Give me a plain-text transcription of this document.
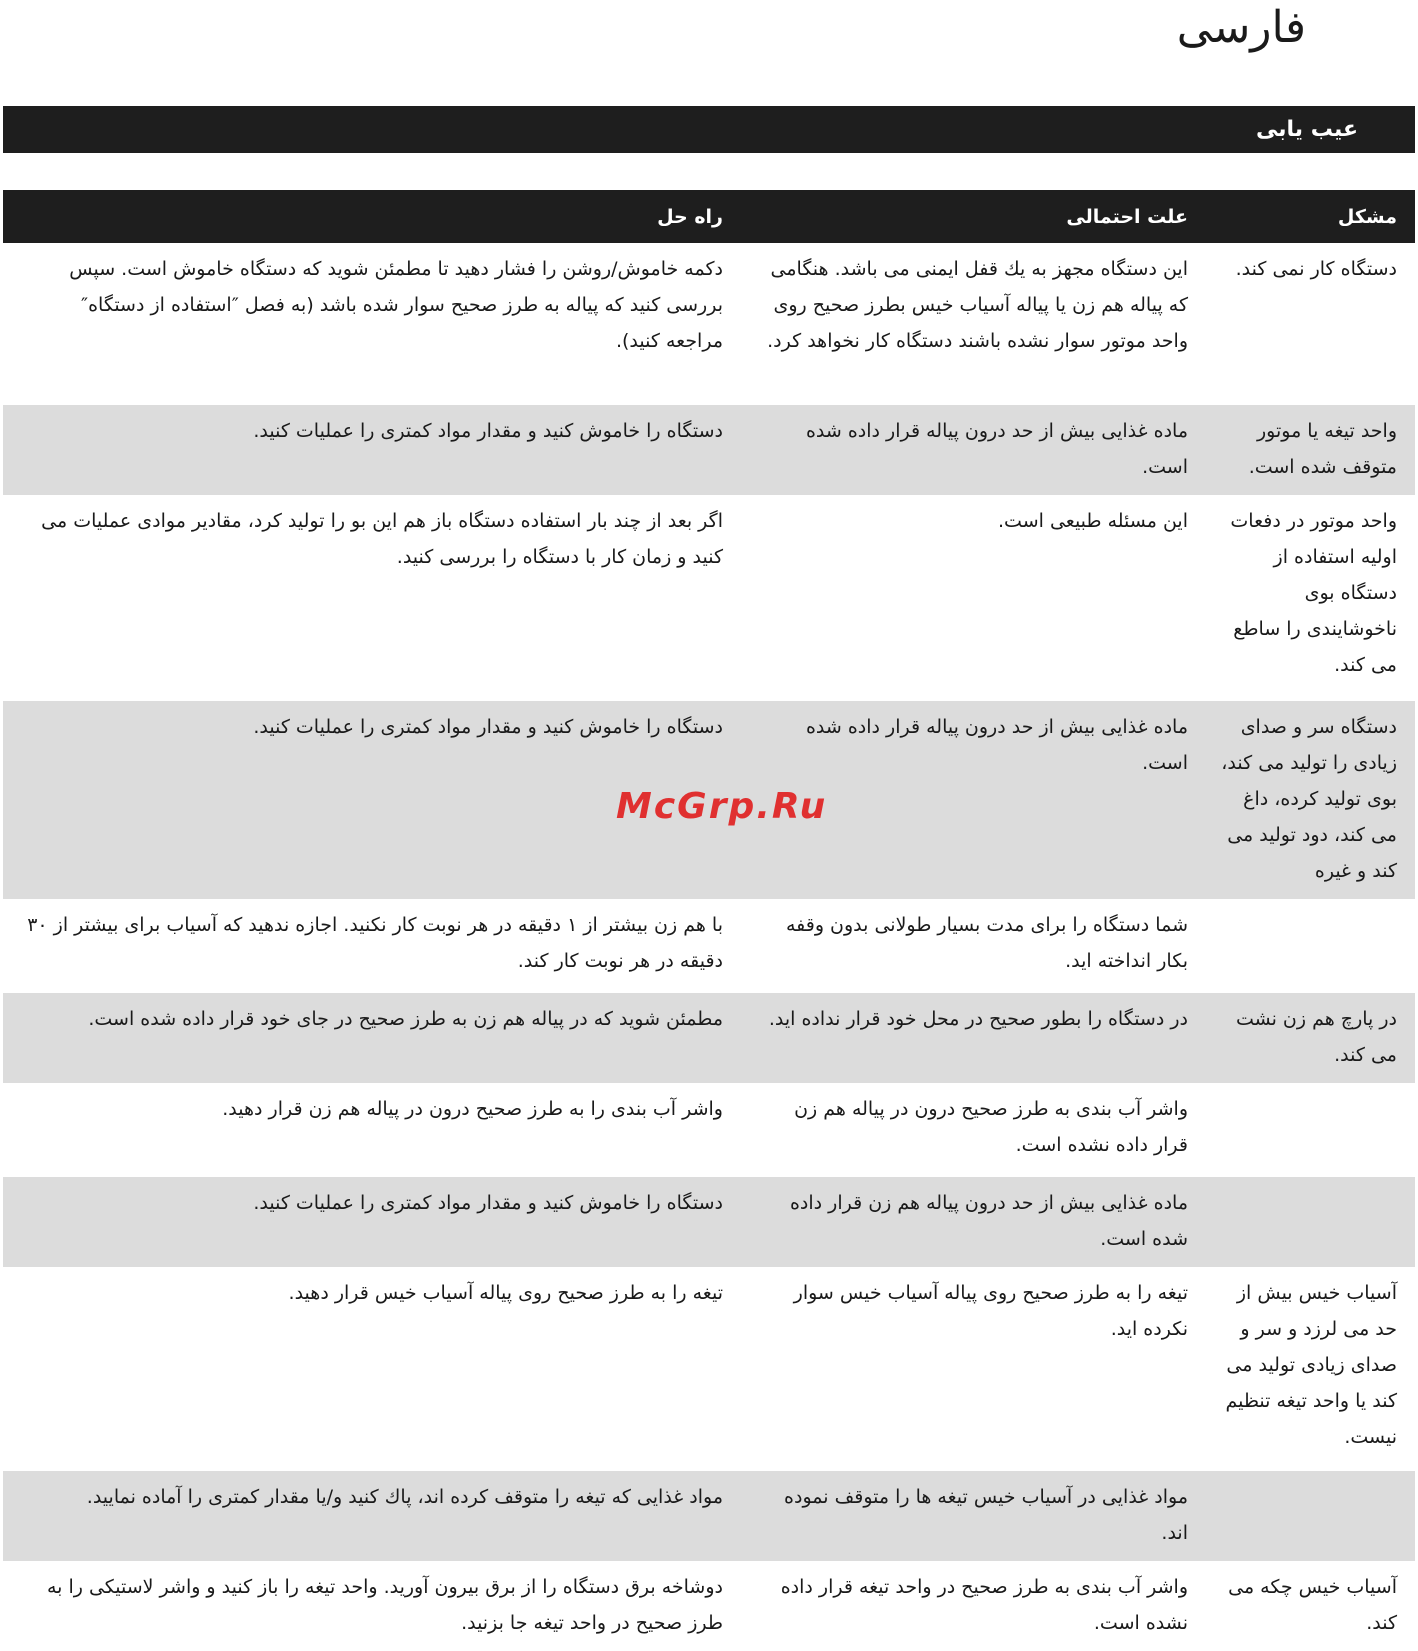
فارسی
عیب یابی
مشکل	علت احتمالی	راه حل
دستگاه کار نمی کند.	این دستگاه مجهز به یك قفل ایمنی می باشد. هنگامی که پیاله هم زن یا پیاله آسیاب خیس بطرز صحیح روی واحد موتور سوار نشده باشند دستگاه کار نخواهد کرد.	دکمه خاموش/روشن را فشار دهید تا مطمئن شوید که دستگاه خاموش است. سپس بررسی کنید که پیاله به طرز صحیح سوار شده باشد (به فصل ″استفاده از دستگاه″ مراجعه کنید).
واحد تیغه یا موتور متوقف شده است.	ماده غذایی بیش از حد درون پیاله قرار داده شده است.	دستگاه را خاموش کنید و مقدار مواد کمتری را عملیات کنید.
واحد موتور در دفعات اولیه استفاده از دستگاه بوی ناخوشایندی را ساطع می کند.	این مسئله طبیعی است.	اگر بعد از چند بار استفاده دستگاه باز هم این بو را تولید کرد، مقادیر موادی عملیات می کنید و زمان کار با دستگاه را بررسی کنید.
دستگاه سر و صدای زیادی را تولید می کند، بوی تولید کرده، داغ می کند، دود تولید می کند و غیره	ماده غذایی بیش از حد درون پیاله قرار داده شده است.	دستگاه را خاموش کنید و مقدار مواد کمتری را عملیات کنید.
	شما دستگاه را برای مدت بسیار طولانی بدون وقفه بکار انداخته اید.	با هم زن بیشتر از ۱ دقیقه در هر نوبت کار نکنید. اجازه ندهید که آسیاب برای بیشتر از ۳۰ دقیقه در هر نوبت کار کند.
در پارچ هم زن نشت می کند.	در دستگاه را بطور صحیح در محل خود قرار نداده اید.	مطمئن شوید که در پیاله هم زن به طرز صحیح در جای خود قرار داده شده است.
	واشر آب بندی به طرز صحیح درون در پیاله هم زن قرار داده نشده است.	واشر آب بندی را به طرز صحیح درون در پیاله هم زن قرار دهید.
	ماده غذایی بیش از حد درون پیاله هم زن قرار داده شده است.	دستگاه را خاموش کنید و مقدار مواد کمتری را عملیات کنید.
آسیاب خیس بیش از حد می لرزد و سر و صدای زیادی تولید می کند یا واحد تیغه تنظیم نیست.	تیغه را به طرز صحیح روی پیاله آسیاب خیس سوار نکرده اید.	تیغه را به طرز صحیح روی پیاله آسیاب خیس قرار دهید.
	مواد غذایی در آسیاب خیس تیغه ها را متوقف نموده اند.	مواد غذایی که تیغه را متوقف کرده اند، پاك کنید و/یا مقدار کمتری را آماده نمایید.
آسیاب خیس چکه می کند.	واشر آب بندی به طرز صحیح در واحد تیغه قرار داده نشده است.	دوشاخه برق دستگاه را از برق بیرون آورید. واحد تیغه را باز کنید و واشر لاستیکی را به طرز صحیح در واحد تیغه جا بزنید.
McGrp.Ru
